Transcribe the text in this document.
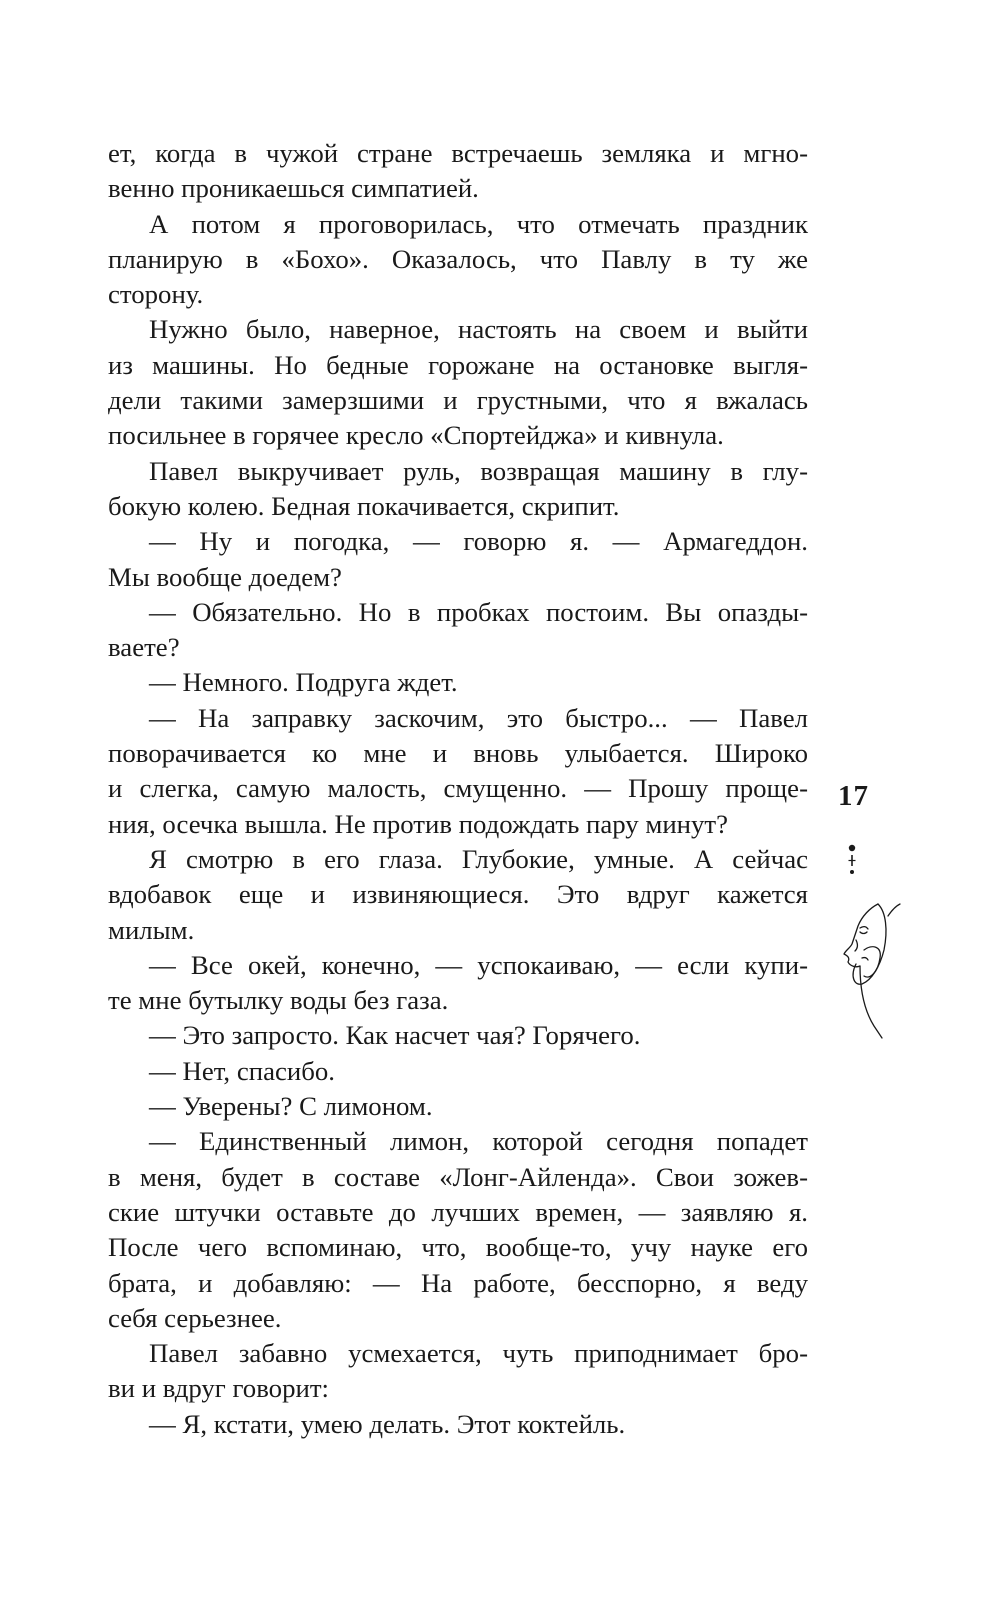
ет, когда в чужой стране встречаешь земляка и мгно-
венно проникаешься симпатией.
А потом я проговорилась, что отмечать праздник
планирую в «Бохо». Оказалось, что Павлу в ту же
сторону.
Нужно было, наверное, настоять на своем и выйти
из машины. Но бедные горожане на остановке выгля-
дели такими замерзшими и грустными, что я вжалась
посильнее в горячее кресло «Спортейджа» и кивнула.
Павел выкручивает руль, возвращая машину в глу-
бокую колею. Бедная покачивается, скрипит.
— Ну и погодка, — говорю я. — Армагеддон.
Мы вообще доедем?
— Обязательно. Но в пробках постоим. Вы опазды-
ваете?
— Немного. Подруга ждет.
— На заправку заскочим, это быстро... — Павел
поворачивается ко мне и вновь улыбается. Широко
и слегка, самую малость, смущенно. — Прошу проще-
ния, осечка вышла. Не против подождать пару минут?
Я смотрю в его глаза. Глубокие, умные. А сейчас
вдобавок еще и извиняющиеся. Это вдруг кажется
милым.
— Все окей, конечно, — успокаиваю, — если купи-
те мне бутылку воды без газа.
— Это запросто. Как насчет чая? Горячего.
— Нет, спасибо.
— Уверены? С лимоном.
— Единственный лимон, которой сегодня попадет
в меня, будет в составе «Лонг-Айленда». Свои зожев-
ские штучки оставьте до лучших времен, — заявляю я.
После чего вспоминаю, что, вообще-то, учу науке его
брата, и добавляю: — На работе, бесспорно, я веду
себя серьезнее.
Павел забавно усмехается, чуть приподнимает бро-
ви и вдруг говорит:
— Я, кстати, умею делать. Этот коктейль.
17
